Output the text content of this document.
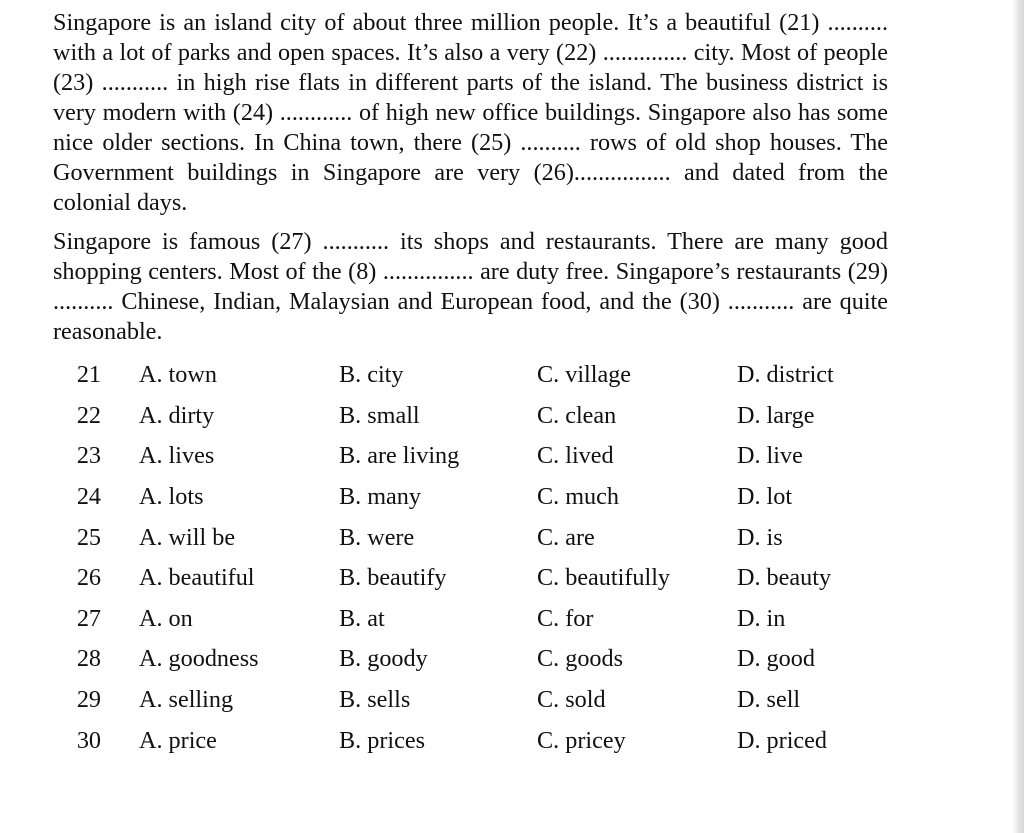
Singapore is an island city of about three million people. It’s a beautiful (21) .......... with a lot of parks and open spaces. It’s also a very (22) .............. city. Most of people (23) ........... in high rise flats in different parts of the island. The business district is very modern with (24) ............ of high new office buildings. Singapore also has some nice older sections. In China town, there (25) .......... rows of old shop houses. The Government buildings in Singapore are very (26)................ and dated from the colonial days.

Singapore is famous (27) ........... its shops and restaurants. There are many good shopping centers. Most of the (8) ............... are duty free. Singapore’s restaurants (29) .......... Chinese, Indian, Malaysian and European food, and the (30) ........... are quite reasonable.

21 A. town	B. city	C. village	D. district
22 A. dirty	B. small	C. clean	D. large
23 A. lives	B. are living	C. lived	D. live
24 A. lots	B. many	C. much	D. lot
25 A. will be	B. were	C. are	D. is
26 A. beautiful	B. beautify	C. beautifully	D. beauty
27 A. on	B. at	C. for	D. in
28 A. goodness	B. goody	C. goods	D. good
29 A. selling	B. sells	C. sold	D. sell
30 A. price	B. prices	C. pricey	D. priced
